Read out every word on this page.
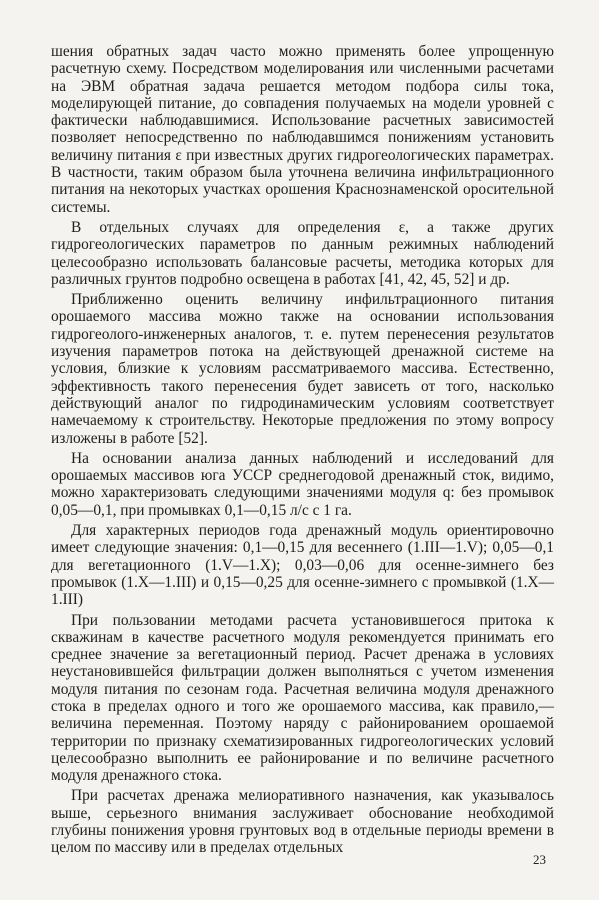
шения обратных задач часто можно применять более упрощенную расчетную схему. Посредством моделирования или численными расчетами на ЭВМ обратная задача решается методом подбора силы тока, моделирующей питание, до совпадения получаемых на модели уровней с фактически наблюдавшимися. Использование расчетных зависимостей позволяет непосредственно по наблюдавшимся понижениям установить величину питания ε при известных других гидрогеологических параметрах. В частности, таким образом была уточнена величина инфильтрационного питания на некоторых участках орошения Краснознаменской оросительной системы.

В отдельных случаях для определения ε, а также других гидрогеологических параметров по данным режимных наблюдений целесообразно использовать балансовые расчеты, методика которых для различных грунтов подробно освещена в работах [41, 42, 45, 52] и др.

Приближенно оценить величину инфильтрационного питания орошаемого массива можно также на основании использования гидрогеолого-инженерных аналогов, т. е. путем перенесения результатов изучения параметров потока на действующей дренажной системе на условия, близкие к условиям рассматриваемого массива. Естественно, эффективность такого перенесения будет зависеть от того, насколько действующий аналог по гидродинамическим условиям соответствует намечаемому к строительству. Некоторые предложения по этому вопросу изложены в работе [52].

На основании анализа данных наблюдений и исследований для орошаемых массивов юга УССР среднегодовой дренажный сток, видимо, можно характеризовать следующими значениями модуля q: без промывок 0,05—0,1, при промывках 0,1—0,15 л/с с 1 га.

Для характерных периодов года дренажный модуль ориентировочно имеет следующие значения: 0,1—0,15 для весеннего (1.III—1.V); 0,05—0,1 для вегетационного (1.V—1.X); 0,03—0,06 для осенне-зимнего без промывок (1.X—1.III) и 0,15—0,25 для осенне-зимнего с промывкой (1.X—1.III)

При пользовании методами расчета установившегося притока к скважинам в качестве расчетного модуля рекомендуется принимать его среднее значение за вегетационный период. Расчет дренажа в условиях неустановившейся фильтрации должен выполняться с учетом изменения модуля питания по сезонам года. Расчетная величина модуля дренажного стока в пределах одного и того же орошаемого массива, как правило,—величина переменная. Поэтому наряду с районированием орошаемой территории по признаку схематизированных гидрогеологических условий целесообразно выполнить ее районирование и по величине расчетного модуля дренажного стока.

При расчетах дренажа мелиоративного назначения, как указывалось выше, серьезного внимания заслуживает обоснование необходимой глубины понижения уровня грунтовых вод в отдельные периоды времени в целом по массиву или в пределах отдельных

23
